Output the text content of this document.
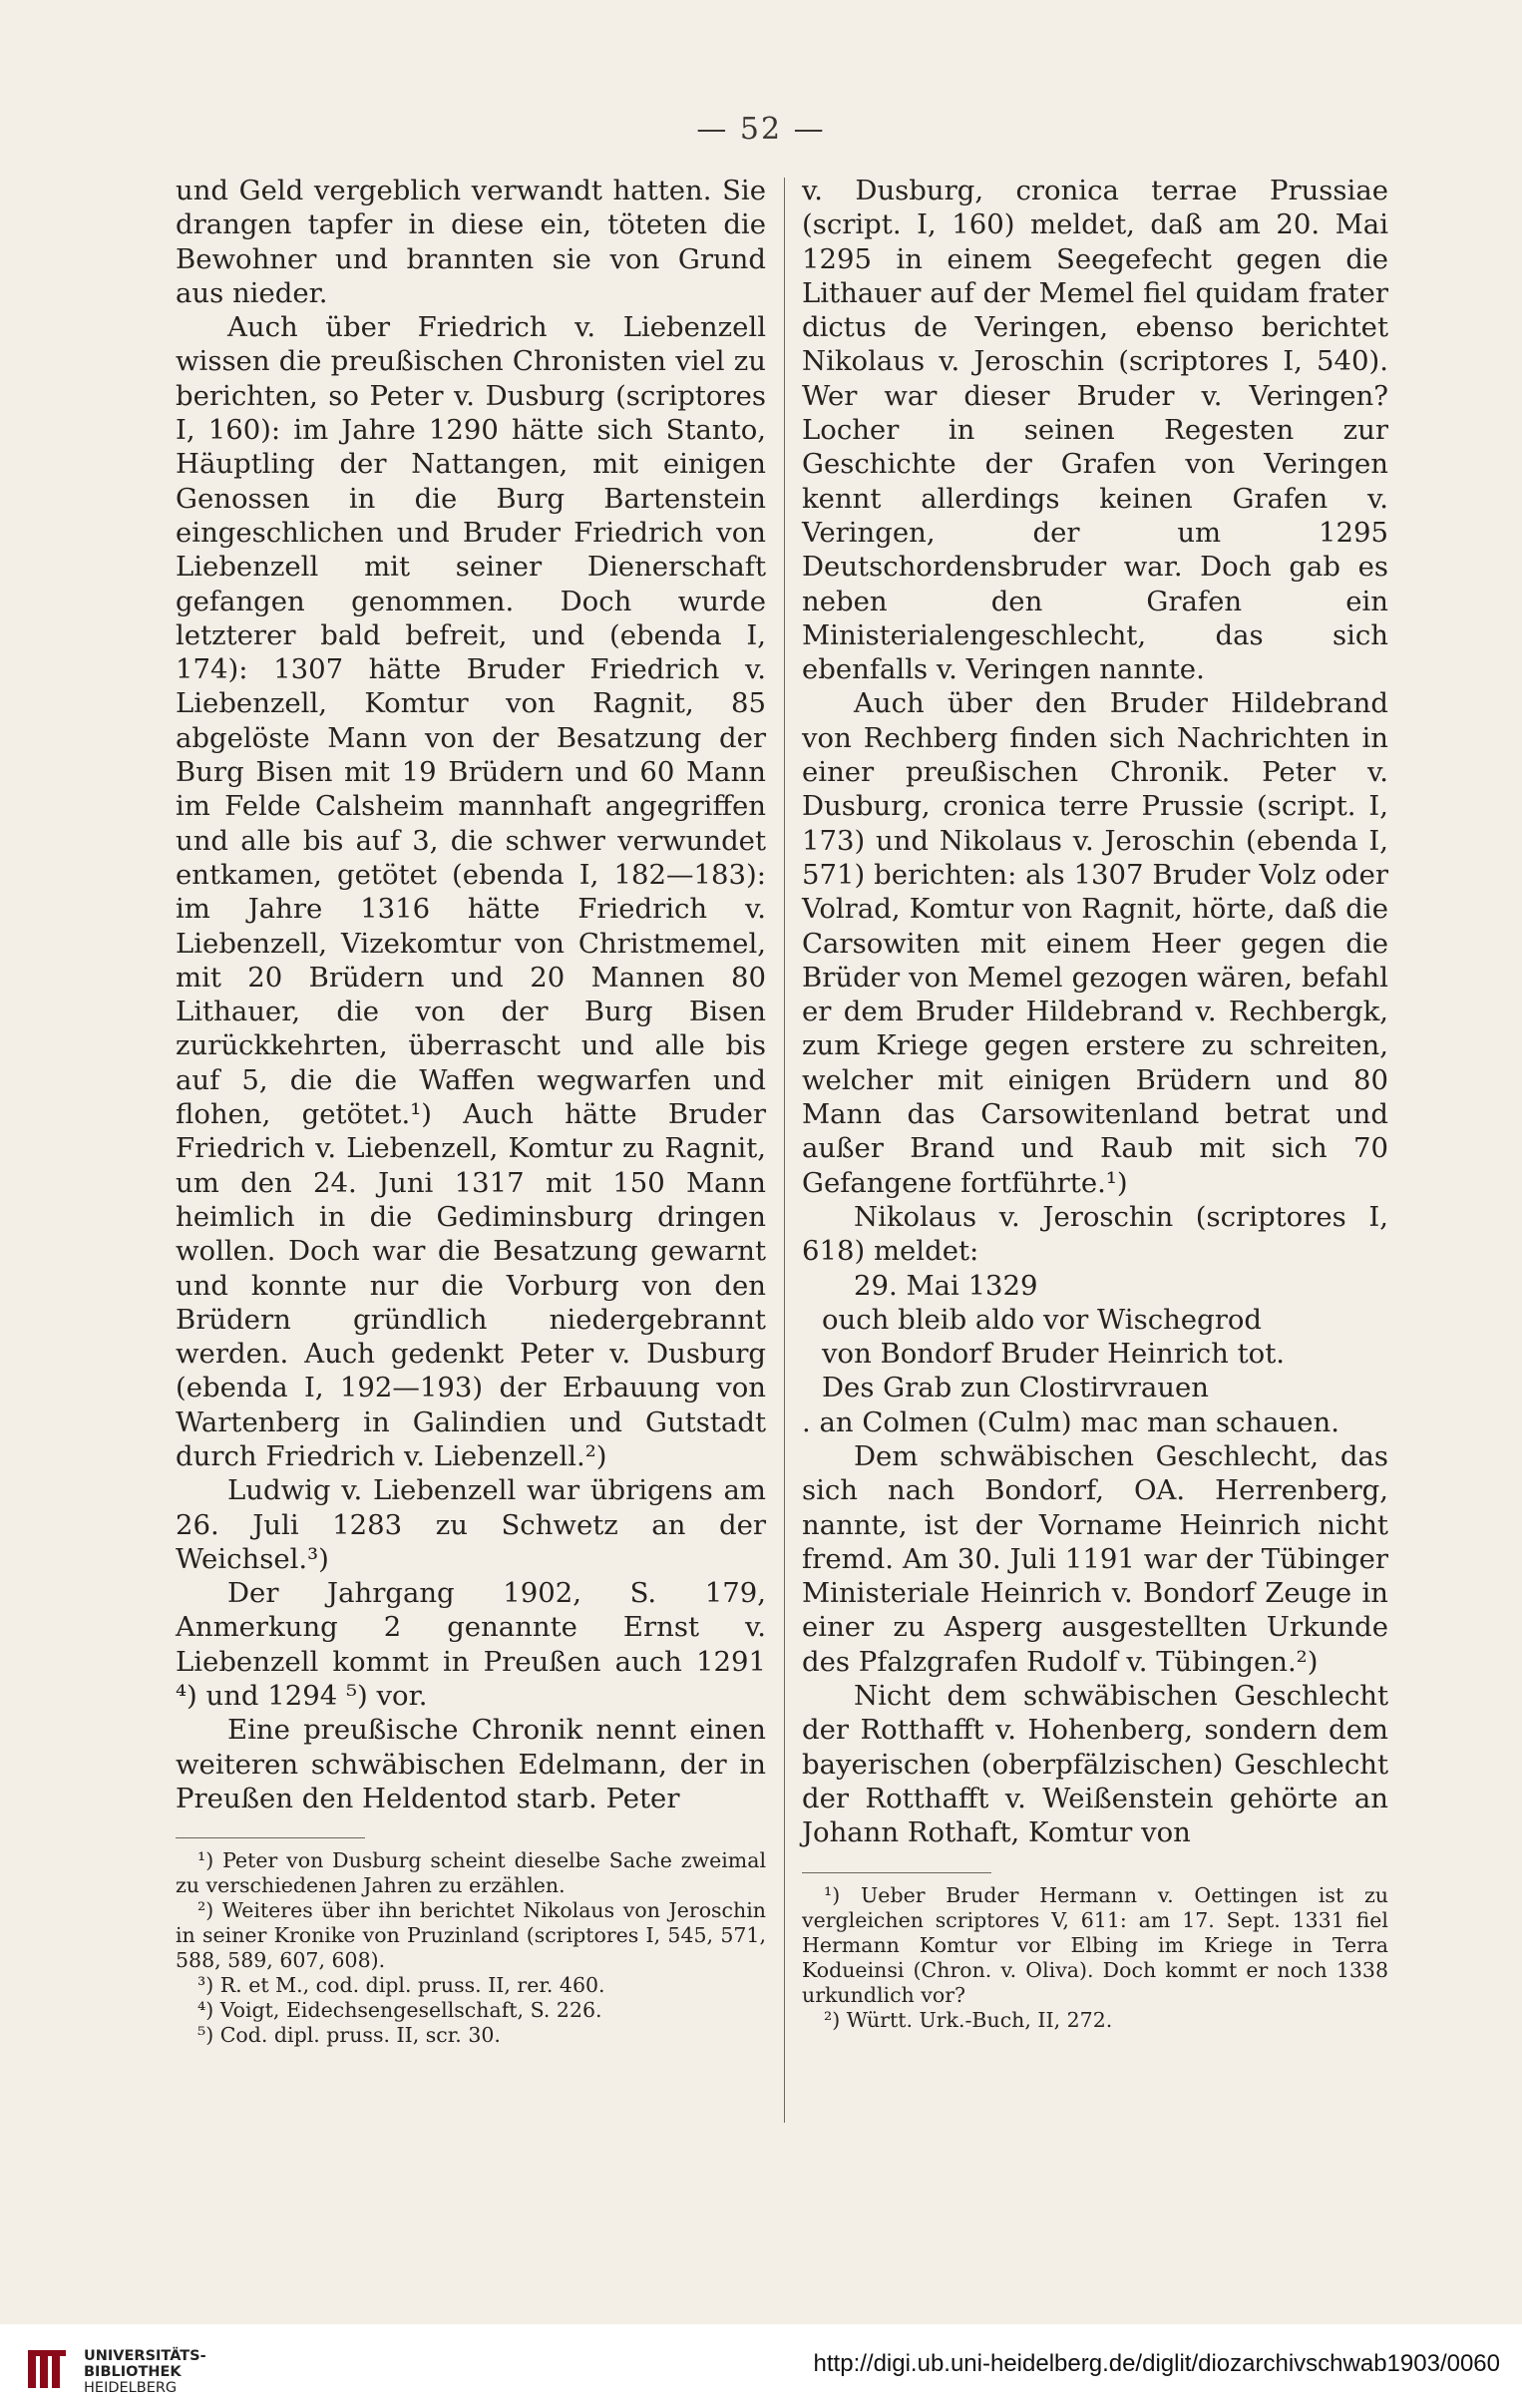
— 52 —

und Geld vergeblich verwandt hatten. Sie drangen tapfer in diese ein, töteten die Bewohner und brannten sie von Grund aus nieder.

Auch über Friedrich v. Liebenzell wissen die preußischen Chronisten viel zu berichten, so Peter v. Dusburg (scriptores I, 160): im Jahre 1290 hätte sich Stanto, Häuptling der Nattangen, mit einigen Genossen in die Burg Bartenstein eingeschlichen und Bruder Friedrich von Liebenzell mit seiner Dienerschaft gefangen genommen. Doch wurde letzterer bald befreit, und (ebenda I, 174): 1307 hätte Bruder Friedrich v. Liebenzell, Komtur von Ragnit, 85 abgelöste Mann von der Besatzung der Burg Bisen mit 19 Brüdern und 60 Mann im Felde Calsheim mannhaft angegriffen und alle bis auf 3, die schwer verwundet entkamen, getötet (ebenda I, 182—183): im Jahre 1316 hätte Friedrich v. Liebenzell, Vizekomtur von Christmemel, mit 20 Brüdern und 20 Mannen 80 Lithauer, die von der Burg Bisen zurückkehrten, überrascht und alle bis auf 5, die die Waffen wegwarfen und flohen, getötet.¹) Auch hätte Bruder Friedrich v. Liebenzell, Komtur zu Ragnit, um den 24. Juni 1317 mit 150 Mann heimlich in die Gediminsburg dringen wollen. Doch war die Besatzung gewarnt und konnte nur die Vorburg von den Brüdern gründlich niedergebrannt werden. Auch gedenkt Peter v. Dusburg (ebenda I, 192—193) der Erbauung von Wartenberg in Galindien und Gutstadt durch Friedrich v. Liebenzell.²)

Ludwig v. Liebenzell war übrigens am 26. Juli 1283 zu Schwetz an der Weichsel.³)

Der Jahrgang 1902, S. 179, Anmerkung 2 genannte Ernst v. Liebenzell kommt in Preußen auch 1291 ⁴) und 1294 ⁵) vor.

Eine preußische Chronik nennt einen weiteren schwäbischen Edelmann, der in Preußen den Heldentod starb. Peter

¹) Peter von Dusburg scheint dieselbe Sache zweimal zu verschiedenen Jahren zu erzählen.

²) Weiteres über ihn berichtet Nikolaus von Jeroschin in seiner Kronike von Pruzinland (scriptores I, 545, 571, 588, 589, 607, 608).

³) R. et M., cod. dipl. pruss. II, rer. 460.

⁴) Voigt, Eidechsengesellschaft, S. 226.

⁵) Cod. dipl. pruss. II, scr. 30.

v. Dusburg, cronica terrae Prussiae (script. I, 160) meldet, daß am 20. Mai 1295 in einem Seegefecht gegen die Lithauer auf der Memel fiel quidam frater dictus de Veringen, ebenso berichtet Nikolaus v. Jeroschin (scriptores I, 540). Wer war dieser Bruder v. Veringen? Locher in seinen Regesten zur Geschichte der Grafen von Veringen kennt allerdings keinen Grafen v. Veringen, der um 1295 Deutschordensbruder war. Doch gab es neben den Grafen ein Ministerialengeschlecht, das sich ebenfalls v. Veringen nannte.

Auch über den Bruder Hildebrand von Rechberg finden sich Nachrichten in einer preußischen Chronik. Peter v. Dusburg, cronica terre Prussie (script. I, 173) und Nikolaus v. Jeroschin (ebenda I, 571) berichten: als 1307 Bruder Volz oder Volrad, Komtur von Ragnit, hörte, daß die Carsowiten mit einem Heer gegen die Brüder von Memel gezogen wären, befahl er dem Bruder Hildebrand v. Rechbergk, zum Kriege gegen erstere zu schreiten, welcher mit einigen Brüdern und 80 Mann das Carsowitenland betrat und außer Brand und Raub mit sich 70 Gefangene fortführte.¹)

Nikolaus v. Jeroschin (scriptores I, 618) meldet:

29. Mai 1329

ouch bleib aldo vor Wischegrod

von Bondorf Bruder Heinrich tot.

Des Grab zun Clostirvrauen

. an Colmen (Culm) mac man schauen.

Dem schwäbischen Geschlecht, das sich nach Bondorf, OA. Herrenberg, nannte, ist der Vorname Heinrich nicht fremd. Am 30. Juli 1191 war der Tübinger Ministeriale Heinrich v. Bondorf Zeuge in einer zu Asperg ausgestellten Urkunde des Pfalzgrafen Rudolf v. Tübingen.²)

Nicht dem schwäbischen Geschlecht der Rotthafft v. Hohenberg, sondern dem bayerischen (oberpfälzischen) Geschlecht der Rotthafft v. Weißenstein gehörte an Johann Rothaft, Komtur von

¹) Ueber Bruder Hermann v. Oettingen ist zu vergleichen scriptores V, 611: am 17. Sept. 1331 fiel Hermann Komtur vor Elbing im Kriege in Terra Kodueinsi (Chron. v. Oliva). Doch kommt er noch 1338 urkundlich vor?

²) Württ. Urk.-Buch, II, 272.

UNIVERSITÄTS-
BIBLIOTHEK
HEIDELBERG
http://digi.ub.uni-heidelberg.de/diglit/diozarchivschwab1903/0060
